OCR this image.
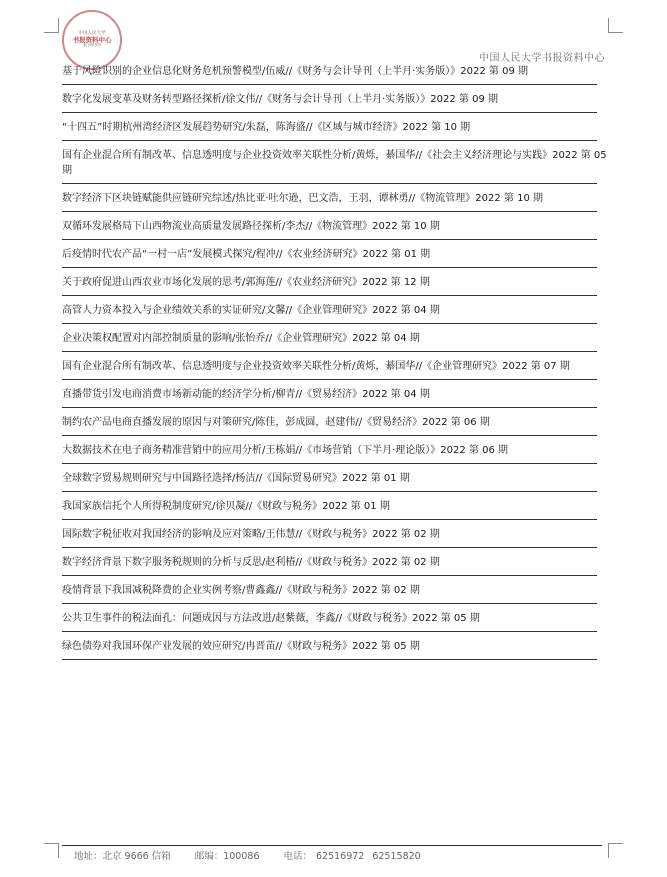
中国人民大学
书报资料中心
数字图书馆
中国人民大学书报资料中心
基于风险识别的企业信息化财务危机预警模型/伍威//《财务与会计导刊（上半月·实务版）》2022 第 09 期
数字化发展变革及财务转型路径探析/徐文伟//《财务与会计导刊（上半月·实务版）》2022 第 09 期
“十四五”时期杭州湾经济区发展趋势研究/朱磊，陈海盛//《区域与城市经济》2022 第 10 期
国有企业混合所有制改革、信息透明度与企业投资效率关联性分析/黄烁，綦国华//《社会主义经济理论与实践》2022 第 05 期
数字经济下区块链赋能供应链研究综述/热比亚·吐尔逊，巴文浩，王羽，谭林勇//《物流管理》2022 第 10 期
双循环发展格局下山西物流业高质量发展路径探析/李杰//《物流管理》2022 第 10 期
后疫情时代农产品“一村一店”发展模式探究/程冲//《农业经济研究》2022 第 01 期
关于政府促进山西农业市场化发展的思考/郭海莲//《农业经济研究》2022 第 12 期
高管人力资本投入与企业绩效关系的实证研究/文馨//《企业管理研究》2022 第 04 期
企业决策权配置对内部控制质量的影响/张怡乔//《企业管理研究》2022 第 04 期
国有企业混合所有制改革、信息透明度与企业投资效率关联性分析/黄烁，綦国华//《企业管理研究》2022 第 07 期
直播带货引发电商消费市场新动能的经济学分析/柳青//《贸易经济》2022 第 04 期
制约农产品电商直播发展的原因与对策研究/陈佳，彭成圆，赵建伟//《贸易经济》2022 第 06 期
大数据技术在电子商务精准营销中的应用分析/王栋娟//《市场营销（下半月·理论版）》2022 第 06 期
全球数字贸易规则研究与中国路径选择/杨洁//《国际贸易研究》2022 第 01 期
我国家族信托个人所得税制度研究/徐贝凝//《财政与税务》2022 第 01 期
国际数字税征收对我国经济的影响及应对策略/王伟慧//《财政与税务》2022 第 02 期
数字经济背景下数字服务税规则的分析与反思/赵利椿//《财政与税务》2022 第 02 期
疫情背景下我国减税降费的企业实例考察/曹鑫鑫//《财政与税务》2022 第 02 期
公共卫生事件的税法面孔：问题成因与方法改进/赵紫薇，李鑫//《财政与税务》2022 第 05 期
绿色债券对我国环保产业发展的效应研究/冉晋苗//《财政与税务》2022 第 05 期
地址：北京 9666 信箱	邮编：100086	电话： 62516972 62515820
